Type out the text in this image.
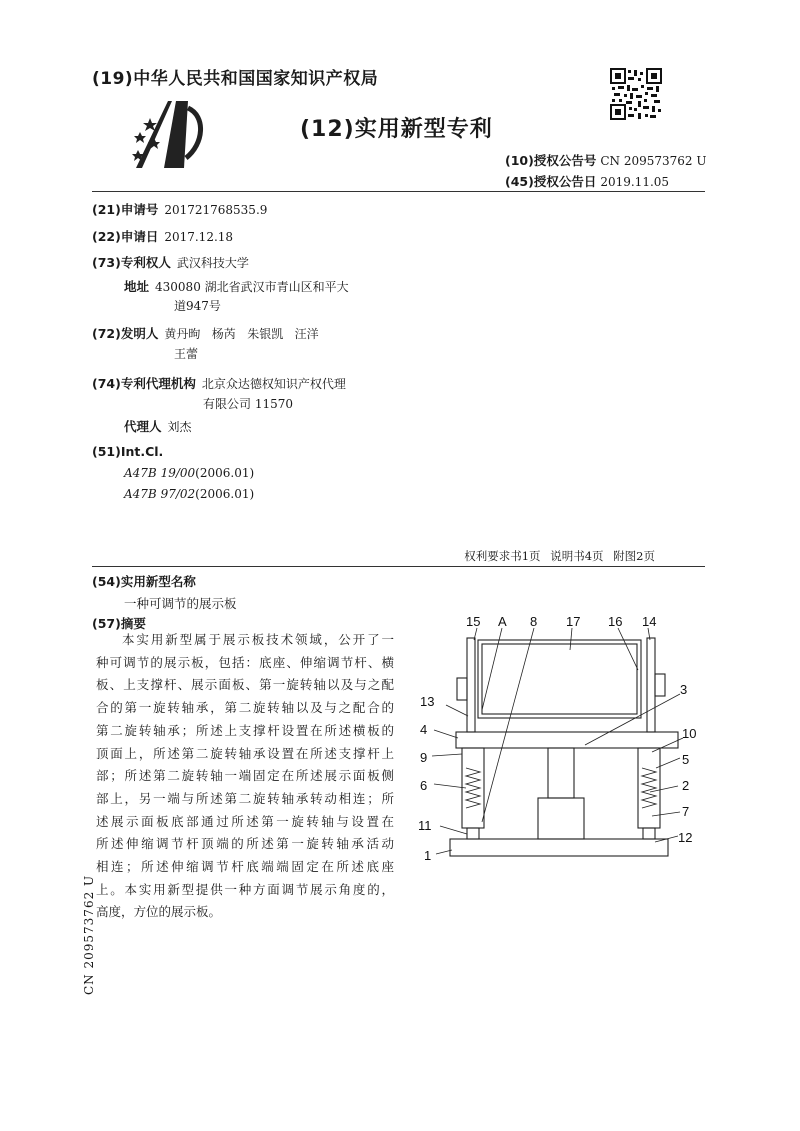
(19)中华人民共和国国家知识产权局
(12)实用新型专利
(10)授权公告号 CN 209573762 U
(45)授权公告日 2019.11.05
(21)申请号 201721768535.9
(22)申请日 2017.12.18
(73)专利权人 武汉科技大学
地址 430080 湖北省武汉市青山区和平大
道947号
(72)发明人 黄丹昫   杨芮   朱银凯   汪洋
王蕾
(74)专利代理机构 北京众达德权知识产权代理
有限公司 11570
代理人 刘杰
(51)Int.Cl.
A47B 19/00(2006.01)
A47B 97/02(2006.01)
权利要求书1页 说明书4页 附图2页
(54)实用新型名称
一种可调节的展示板
(57)摘要

本实用新型属于展示板技术领域，公开了一

种可调节的展示板，包括：底座、伸缩调节杆、横

板、上支撑杆、展示面板、第一旋转轴以及与之配

合的第一旋转轴承，第二旋转轴以及与之配合的

第二旋转轴承；所述上支撑杆设置在所述横板的

顶面上，所述第二旋转轴承设置在所述支撑杆上

部；所述第二旋转轴一端固定在所述展示面板侧

部上，另一端与所述第二旋转轴承转动相连；所

述展示面板底部通过所述第一旋转轴与设置在

所述伸缩调节杆顶端的所述第一旋转轴承活动

相连；所述伸缩调节杆底端端固定在所述底座

上。本实用新型提供一种方面调节展示角度的，

高度，方位的展示板。

15 A 8 17 16 14
13
3
4	10
9	5
6	2
7
11
12
1
CN 209573762 U
